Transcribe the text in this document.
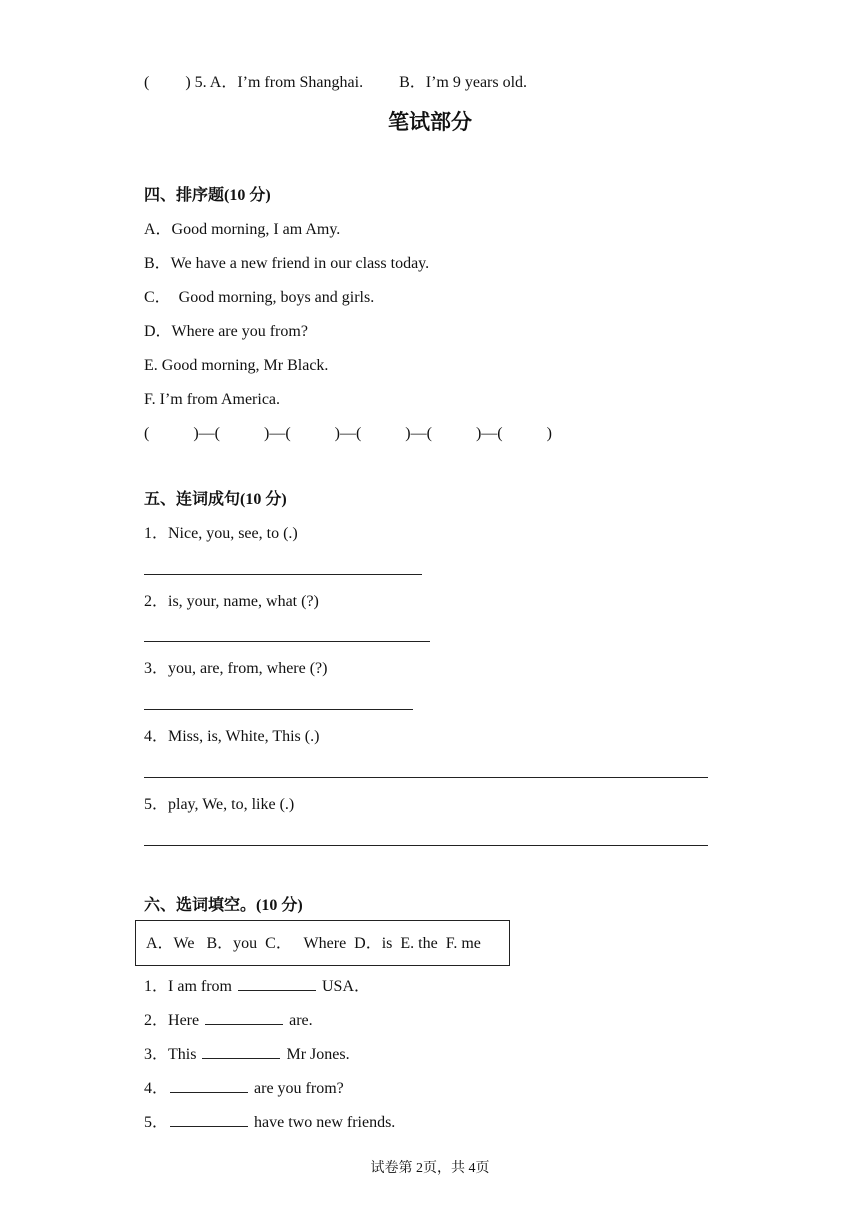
(         ) 5. A．I’m from Shanghai.         B．I’m 9 years old.
笔试部分
四、排序题(10 分)
A．Good morning, I am Amy.
B．We have a new friend in our class today.
C．  Good morning, boys and girls.
D．Where are you from?
E. Good morning, Mr Black.
F. I’m from America.
(           )—(           )—(           )—(           )—(           )—(           )
五、连词成句(10 分)
1．Nice, you, see, to (.)
2．is, your, name, what (?)
3．you, are, from, where (?)
4．Miss, is, White, This (.)
5．play, We, to, like (.)
六、选词填空。(10 分)
A．We   B．you  C．   Where  D．is  E. the  F. me
1．I am from	USA．
2．Here	are.
3．This	Mr Jones.
4．	are you from?
5．	have two new friends.
试卷第 2页，共 4页
